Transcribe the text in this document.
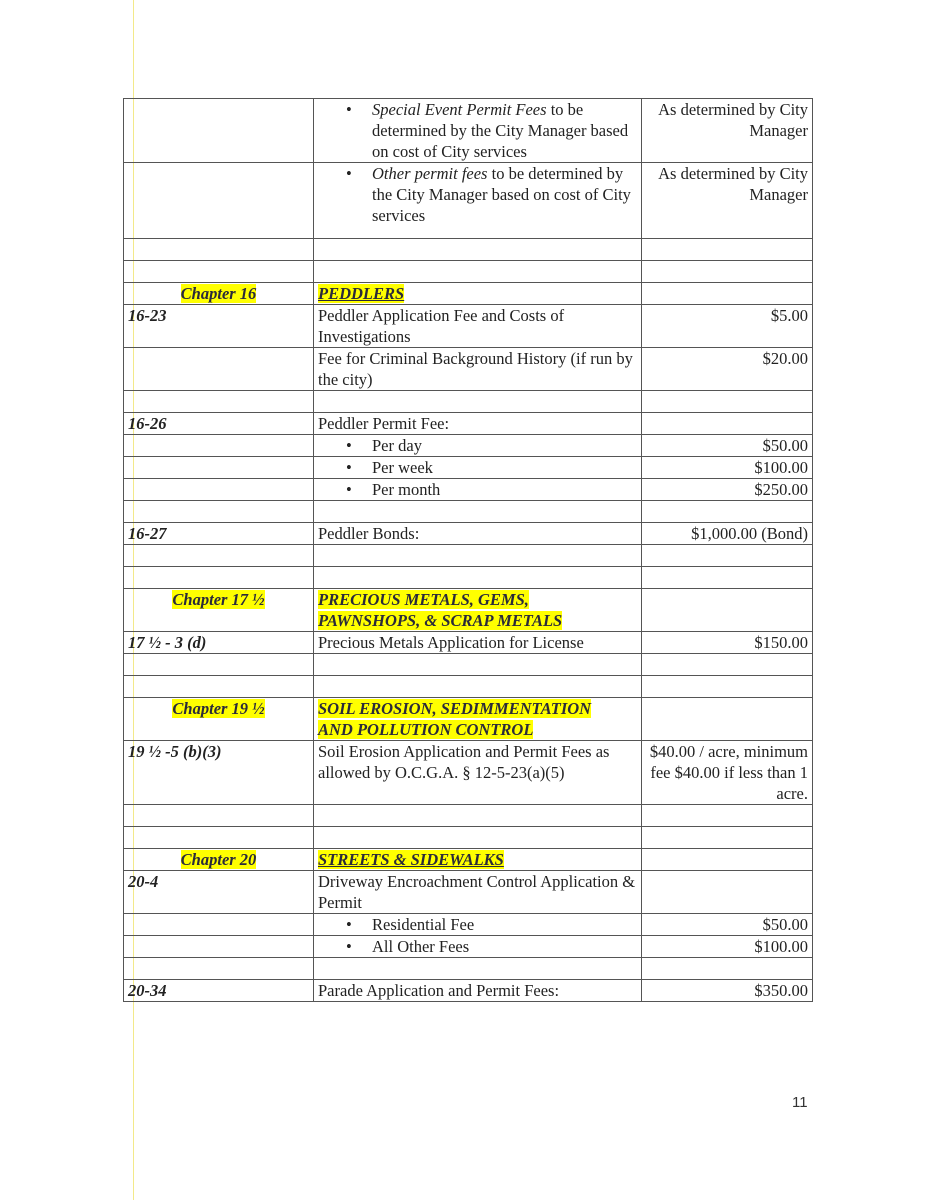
	• Special Event Permit Fees to be determined by the City Manager based on cost of City services	As determined by City Manager

	• Other permit fees to be determined by the City Manager based on cost of City services	As determined by City Manager

Chapter 16	PEDDLERS	
16-23	Peddler Application Fee and Costs of Investigations	$5.00
	Fee for Criminal Background History (if run by the city)	$20.00

16-26	Peddler Permit Fee:	

	• Per day	$50.00

	• Per week	$100.00

	• Per month	$250.00

16-27	Peddler Bonds:	$1,000.00 (Bond)

Chapter 17 ½	PRECIOUS METALS, GEMS,
PAWNSHOPS, & SCRAP METALS	
17 ½ - 3 (d)	Precious Metals Application for License	$150.00

Chapter 19 ½	SOIL EROSION, SEDIMMENTATION
AND POLLUTION CONTROL	
19 ½ -5 (b)(3)	Soil Erosion Application and Permit Fees as allowed by O.C.G.A. § 12-5-23(a)(5)	$40.00 / acre, minimum fee $40.00 if less than 1 acre.

Chapter 20	STREETS & SIDEWALKS	
20-4	Driveway Encroachment Control Application & Permit	

	• Residential Fee	$50.00

	• All Other Fees	$100.00

20-34	Parade Application and Permit Fees:	$350.00
11
